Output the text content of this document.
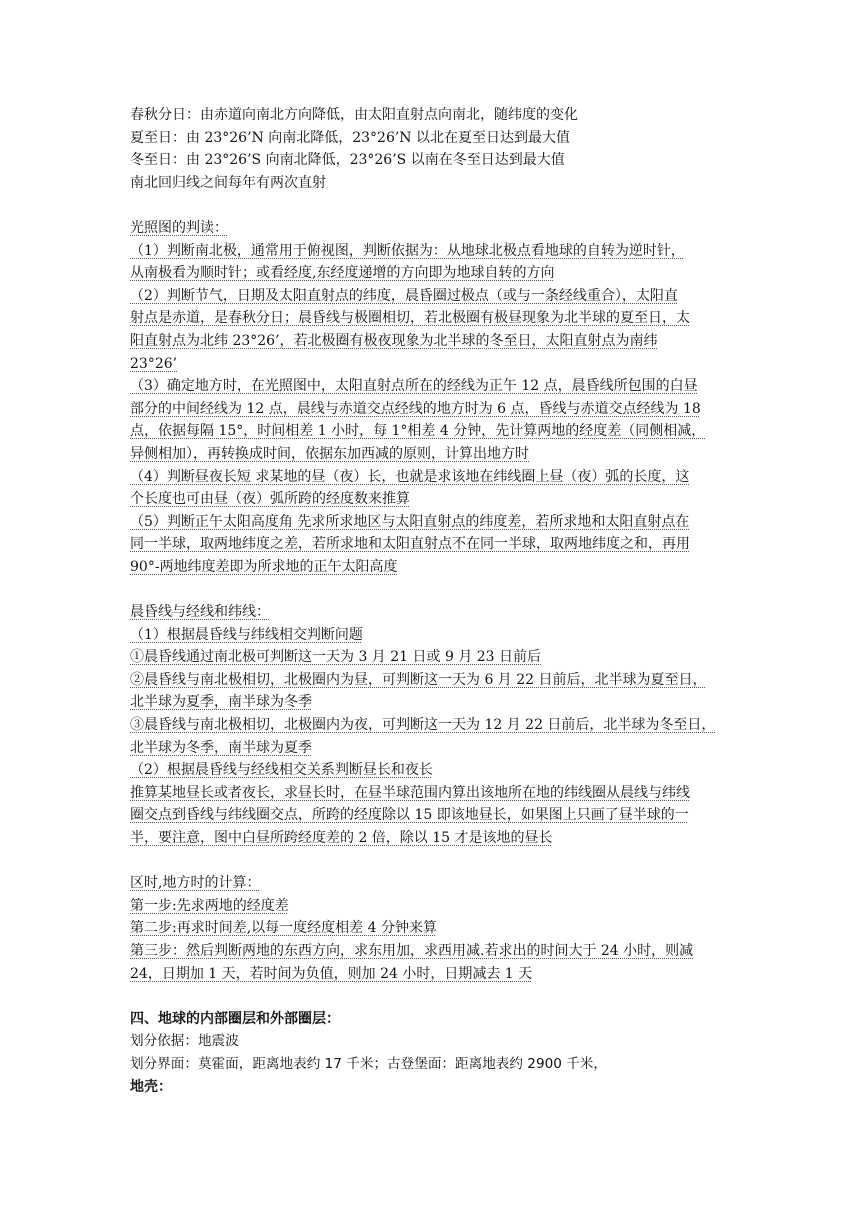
春秋分日：由赤道向南北方向降低，由太阳直射点向南北，随纬度的变化
夏至日：由 23°26’N 向南北降低，23°26’N 以北在夏至日达到最大值
冬至日：由 23°26’S 向南北降低，23°26’S 以南在冬至日达到最大值
南北回归线之间每年有两次直射
光照图的判读：
（1）判断南北极，通常用于俯视图，判断依据为：从地球北极点看地球的自转为逆时针，
从南极看为顺时针；或看经度,东经度递增的方向即为地球自转的方向
（2）判断节气，日期及太阳直射点的纬度，晨昏圈过极点（或与一条经线重合），太阳直
射点是赤道，是春秋分日；晨昏线与极圈相切，若北极圈有极昼现象为北半球的夏至日，太
阳直射点为北纬 23°26’，若北极圈有极夜现象为北半球的冬至日，太阳直射点为南纬
23°26’
（3）确定地方时，在光照图中，太阳直射点所在的经线为正午 12 点，晨昏线所包围的白昼
部分的中间经线为 12 点，晨线与赤道交点经线的地方时为 6 点，昏线与赤道交点经线为 18
点，依据每隔 15°，时间相差 1 小时，每 1°相差 4 分钟，先计算两地的经度差（同侧相减，
异侧相加），再转换成时间，依据东加西减的原则，计算出地方时
（4）判断昼夜长短 求某地的昼（夜）长，也就是求该地在纬线圈上昼（夜）弧的长度，这
个长度也可由昼（夜）弧所跨的经度数来推算
（5）判断正午太阳高度角 先求所求地区与太阳直射点的纬度差，若所求地和太阳直射点在
同一半球，取两地纬度之差，若所求地和太阳直射点不在同一半球，取两地纬度之和，再用
90°-两地纬度差即为所求地的正午太阳高度
晨昏线与经线和纬线：
（1）根据晨昏线与纬线相交判断问题
①晨昏线通过南北极可判断这一天为 3 月 21 日或 9 月 23 日前后
②晨昏线与南北极相切，北极圈内为昼，可判断这一天为 6 月 22 日前后，北半球为夏至日，
北半球为夏季，南半球为冬季
③晨昏线与南北极相切，北极圈内为夜，可判断这一天为 12 月 22 日前后，北半球为冬至日，
北半球为冬季，南半球为夏季
（2）根据晨昏线与经线相交关系判断昼长和夜长
推算某地昼长或者夜长，求昼长时，在昼半球范围内算出该地所在地的纬线圈从晨线与纬线
圈交点到昏线与纬线圈交点，所跨的经度除以 15 即该地昼长，如果图上只画了昼半球的一
半，要注意，图中白昼所跨经度差的 2 倍，除以 15 才是该地的昼长
区时,地方时的计算：
第一步:先求两地的经度差
第二步:再求时间差,以每一度经度相差 4 分钟来算
第三步：然后判断两地的东西方向，求东用加，求西用减.若求出的时间大于 24 小时，则减
24，日期加 1 天，若时间为负值，则加 24 小时，日期减去 1 天
四、地球的内部圈层和外部圈层：
划分依据：地震波
划分界面：莫霍面，距离地表约 17 千米；古登堡面：距离地表约 2900 千米，
地壳：
